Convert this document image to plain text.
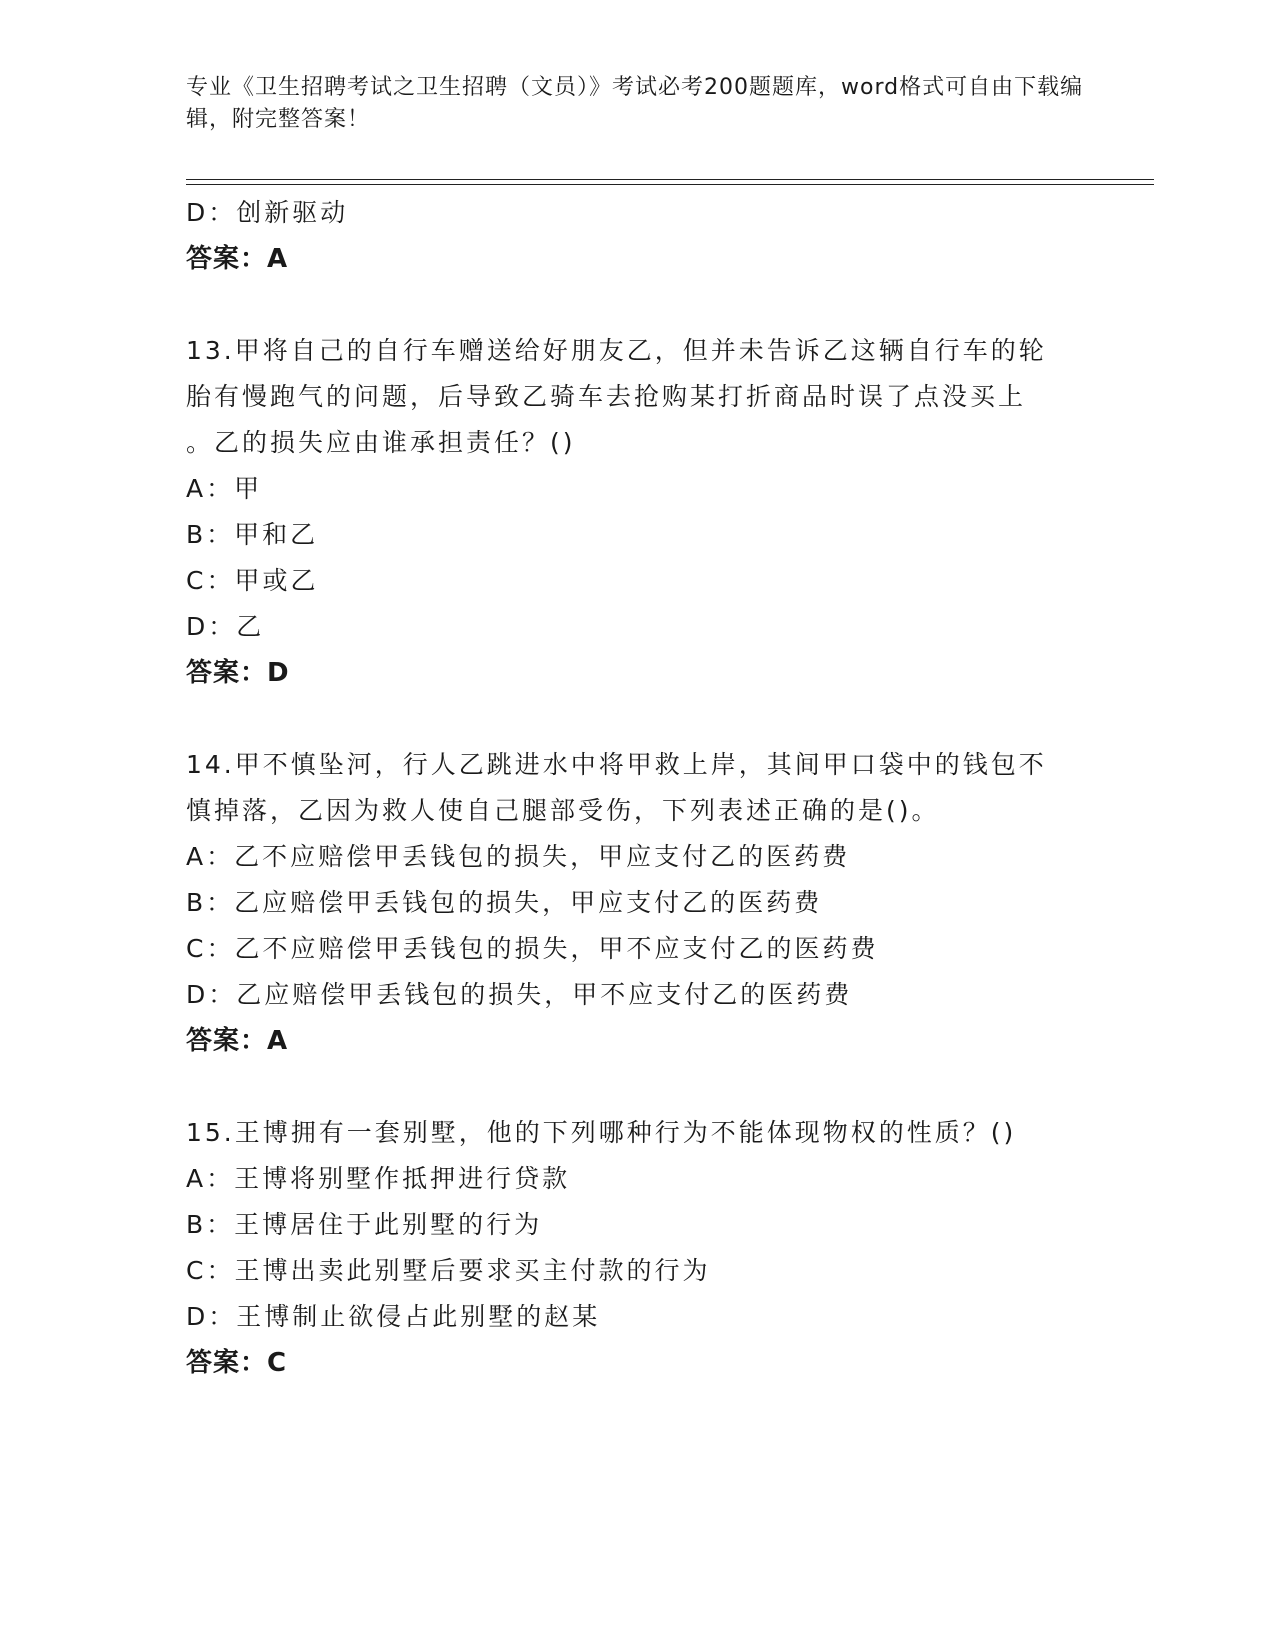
专业《卫生招聘考试之卫生招聘（文员）》考试必考200题题库，word格式可自由下载编辑，附完整答案！
D：创新驱动
答案：A
13.甲将自己的自行车赠送给好朋友乙，但并未告诉乙这辆自行车的轮
胎有慢跑气的问题，后导致乙骑车去抢购某打折商品时误了点没买上
。乙的损失应由谁承担责任？()
A：甲
B：甲和乙
C：甲或乙
D：乙
答案：D
14.甲不慎坠河，行人乙跳进水中将甲救上岸，其间甲口袋中的钱包不
慎掉落，乙因为救人使自己腿部受伤，下列表述正确的是()。
A：乙不应赔偿甲丢钱包的损失，甲应支付乙的医药费
B：乙应赔偿甲丢钱包的损失，甲应支付乙的医药费
C：乙不应赔偿甲丢钱包的损失，甲不应支付乙的医药费
D：乙应赔偿甲丢钱包的损失，甲不应支付乙的医药费
答案：A
15.王博拥有一套别墅，他的下列哪种行为不能体现物权的性质？()
A：王博将别墅作抵押进行贷款
B：王博居住于此别墅的行为
C：王博出卖此别墅后要求买主付款的行为
D：王博制止欲侵占此别墅的赵某
答案：C
